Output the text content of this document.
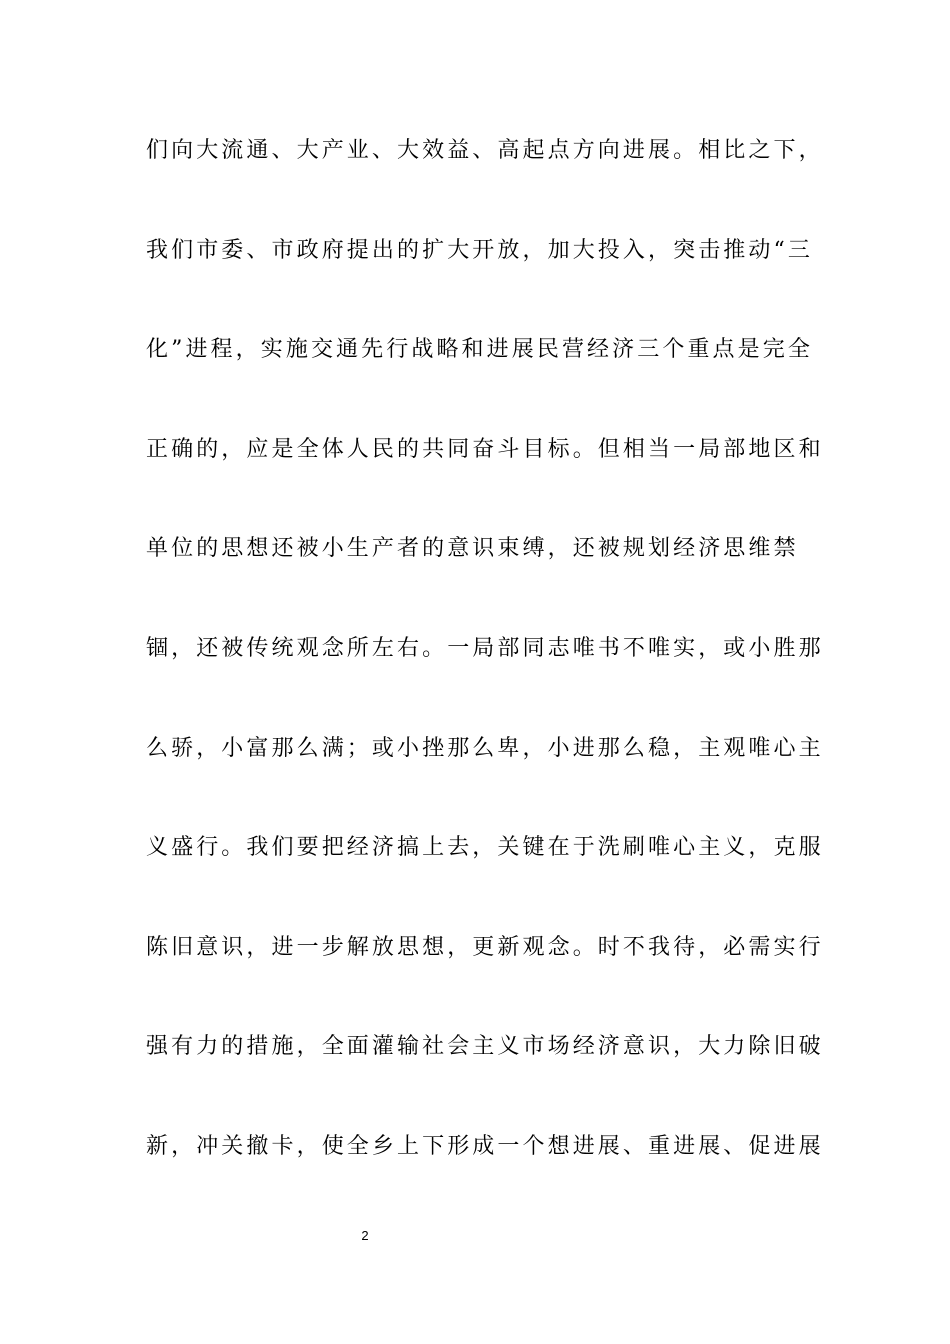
们向大流通、大产业、大效益、高起点方向进展。相比之下，
我们市委、市政府提出的扩大开放，加大投入，突击推动“三
化”进程，实施交通先行战略和进展民营经济三个重点是完全
正确的，应是全体人民的共同奋斗目标。但相当一局部地区和
单位的思想还被小生产者的意识束缚，还被规划经济思维禁
锢，还被传统观念所左右。一局部同志唯书不唯实，或小胜那
么骄，小富那么满；或小挫那么卑，小进那么稳，主观唯心主
义盛行。我们要把经济搞上去，关键在于洗刷唯心主义，克服
陈旧意识，进一步解放思想，更新观念。时不我待，必需实行
强有力的措施，全面灌输社会主义市场经济意识，大力除旧破
新，冲关撤卡，使全乡上下形成一个想进展、重进展、促进展
2
